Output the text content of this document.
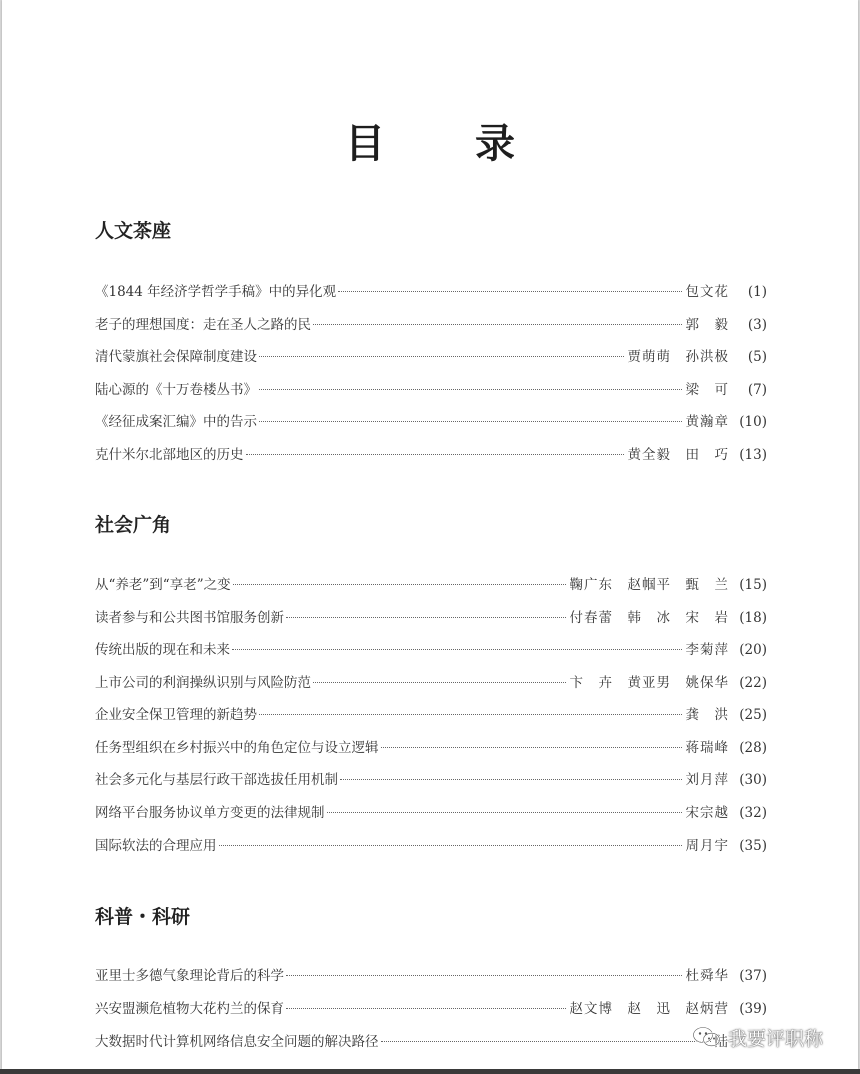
目 录
人文茶座
《1844 年经济学哲学手稿》中的异化观	包文花	(1)
老子的理想国度：走在圣人之路的民	郭　毅	(3)
清代蒙旗社会保障制度建设	贾萌萌　孙洪极	(5)
陆心源的《十万卷楼丛书》	梁　可	(7)
《经征成案汇编》中的告示	黄瀚章 (10)
克什米尔北部地区的历史	黄全毅　田　巧 (13)
社会广角
从“养老”到“享老”之变	鞠广东　赵帼平　甄　兰 (15)
读者参与和公共图书馆服务创新	付春蕾　韩　冰　宋　岩 (18)
传统出版的现在和未来	李菊萍 (20)
上市公司的利润操纵识别与风险防范	卞　卉　黄亚男　姚保华 (22)
企业安全保卫管理的新趋势	龚　洪 (25)
任务型组织在乡村振兴中的角色定位与设立逻辑	蒋瑞峰 (28)
社会多元化与基层行政干部选拔任用机制	刘月萍 (30)
网络平台服务协议单方变更的法律规制	宋宗越 (32)
国际软法的合理应用	周月宇 (35)
科普・科研
亚里士多德气象理论背后的科学	杜舜华 (37)
兴安盟濒危植物大花杓兰的保育	赵文博　赵　迅　赵炳营 (39)
大数据时代计算机网络信息安全问题的解决路径	陆 我要评职称
